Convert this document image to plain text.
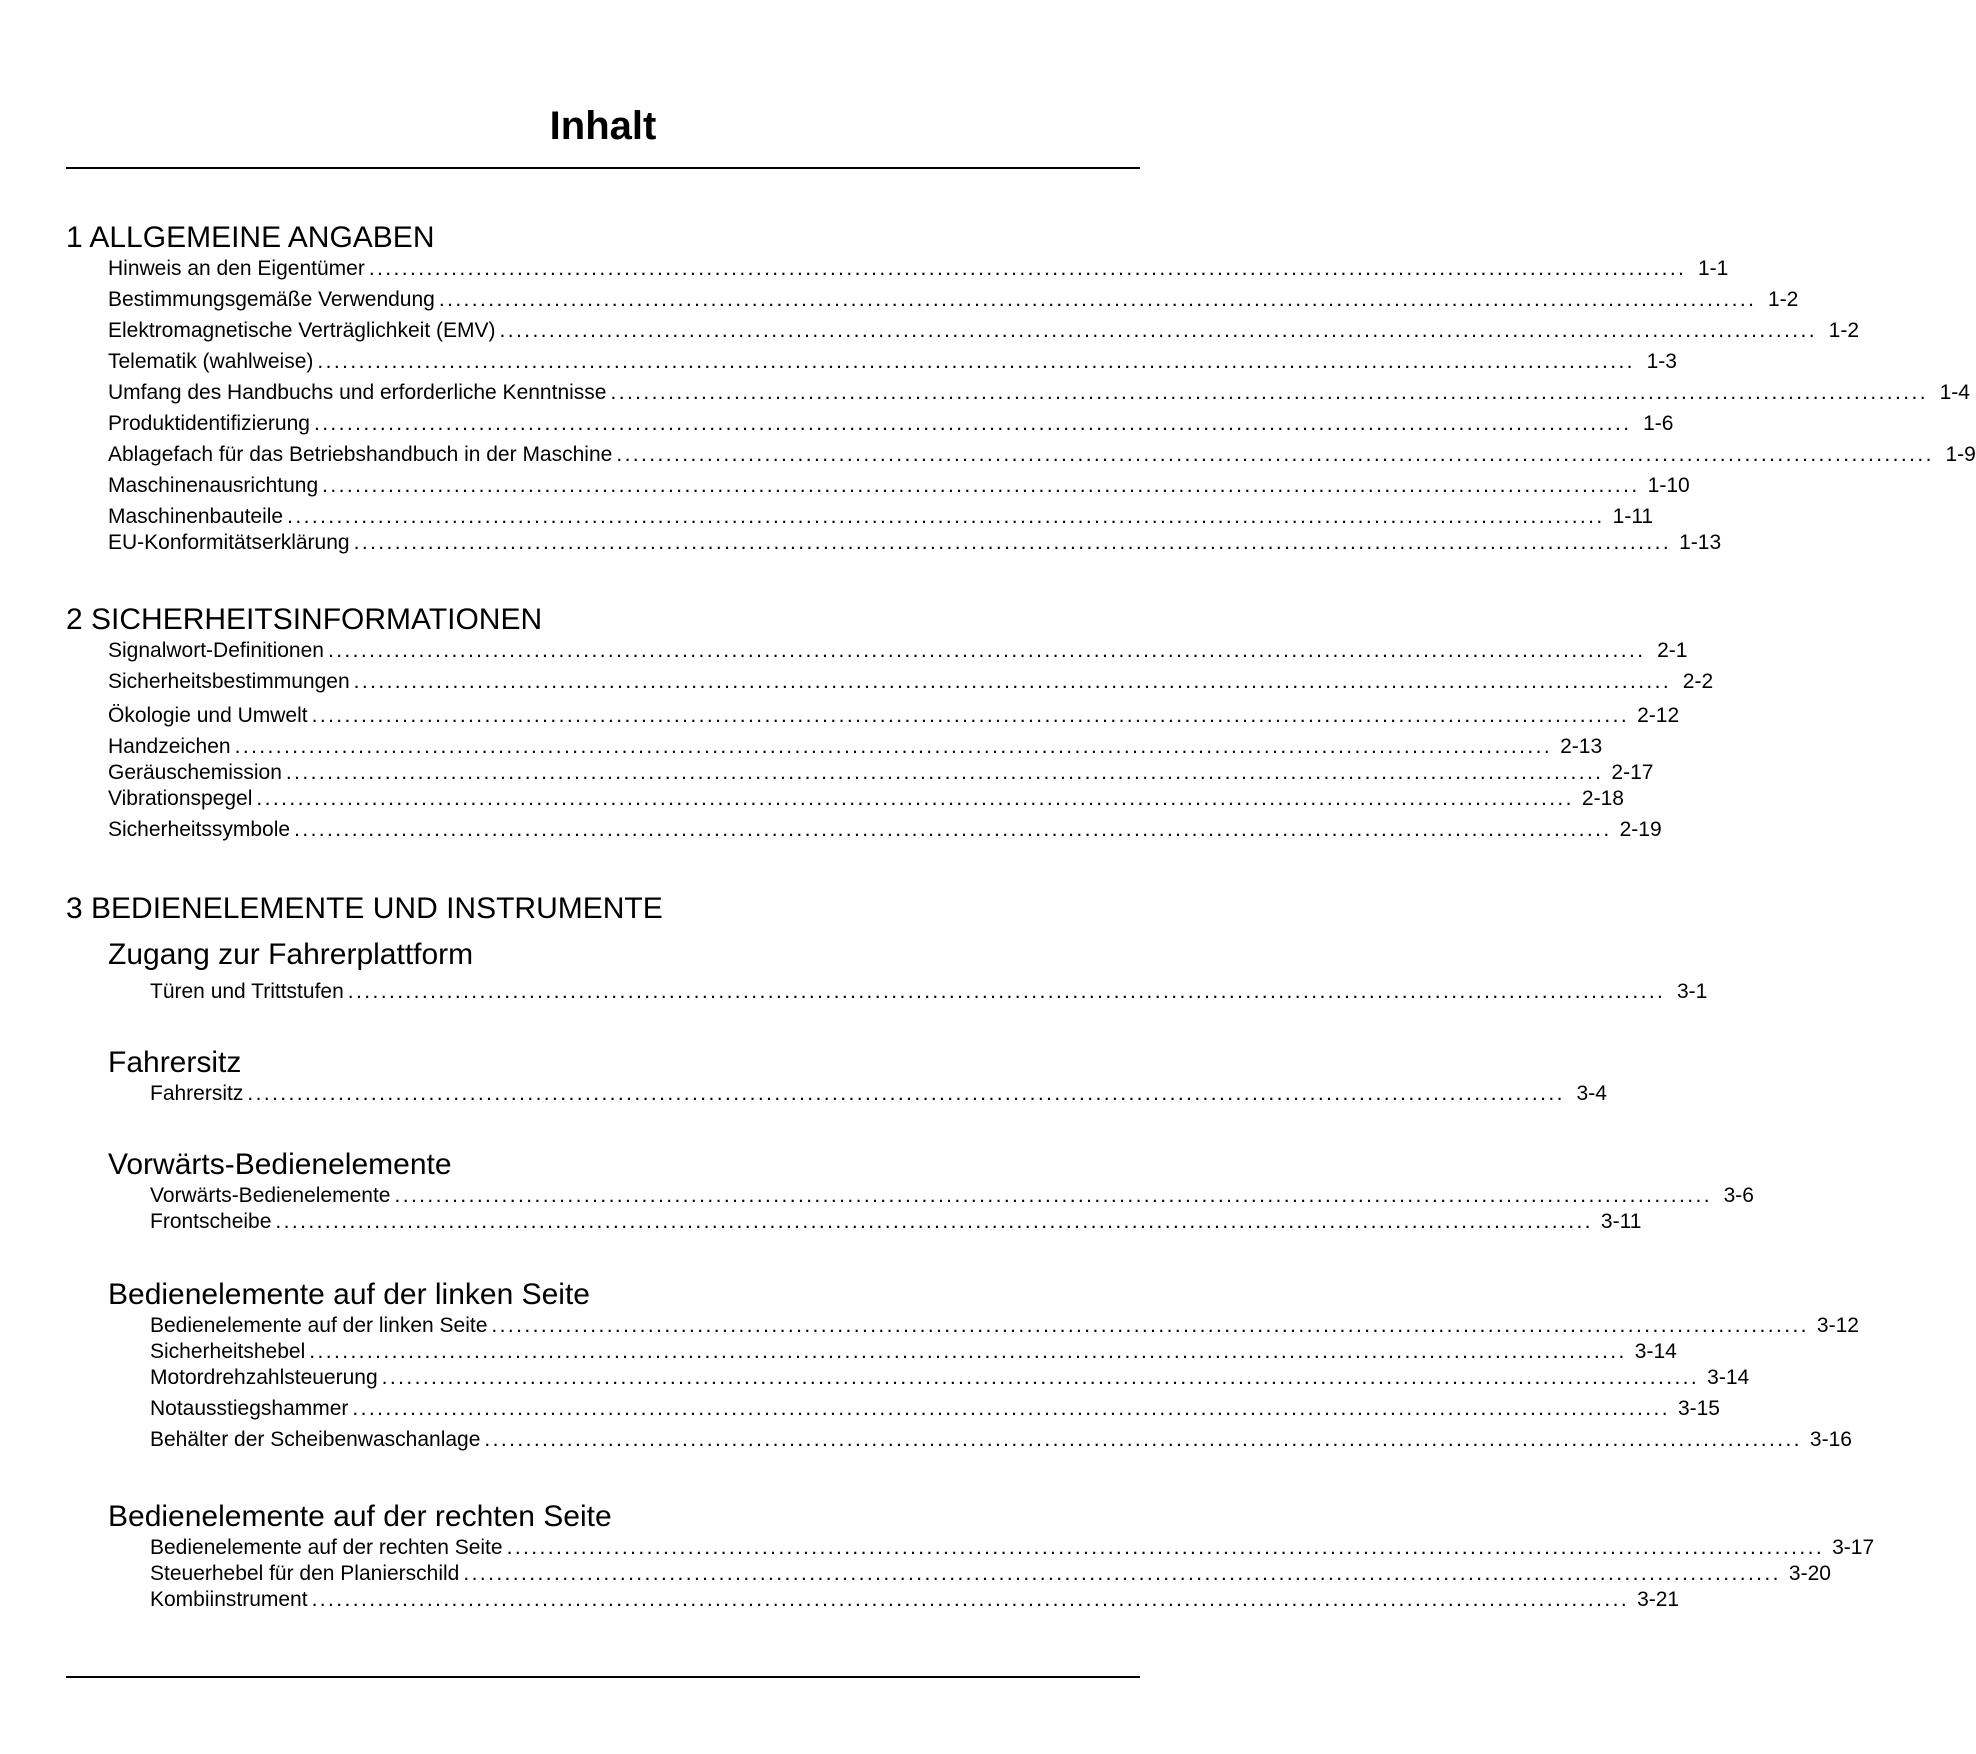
Inhalt
1 ALLGEMEINE ANGABEN
Hinweis an den Eigentümer ................................................................................................................................................................ 1-1
Bestimmungsgemäße Verwendung ................................................................................................................................................................ 1-2
Elektromagnetische Verträglichkeit (EMV) ................................................................................................................................................................ 1-2
Telematik (wahlweise) ................................................................................................................................................................ 1-3
Umfang des Handbuchs und erforderliche Kenntnisse ................................................................................................................................................................ 1-4
Produktidentifizierung ................................................................................................................................................................ 1-6
Ablagefach für das Betriebshandbuch in der Maschine ................................................................................................................................................................ 1-9
Maschinenausrichtung ................................................................................................................................................................ 1-10
Maschinenbauteile ................................................................................................................................................................ 1-11
EU-Konformitätserklärung ................................................................................................................................................................ 1-13
2 SICHERHEITSINFORMATIONEN
Signalwort-Definitionen ................................................................................................................................................................ 2-1
Sicherheitsbestimmungen ................................................................................................................................................................ 2-2
Ökologie und Umwelt ................................................................................................................................................................ 2-12
Handzeichen ................................................................................................................................................................ 2-13
Geräuschemission ................................................................................................................................................................ 2-17
Vibrationspegel ................................................................................................................................................................ 2-18
Sicherheitssymbole ................................................................................................................................................................ 2-19
3 BEDIENELEMENTE UND INSTRUMENTE
Zugang zur Fahrerplattform
Türen und Trittstufen ................................................................................................................................................................ 3-1
Fahrersitz
Fahrersitz ................................................................................................................................................................ 3-4
Vorwärts-Bedienelemente
Vorwärts-Bedienelemente ................................................................................................................................................................ 3-6
Frontscheibe ................................................................................................................................................................ 3-11
Bedienelemente auf der linken Seite
Bedienelemente auf der linken Seite ................................................................................................................................................................ 3-12
Sicherheitshebel ................................................................................................................................................................ 3-14
Motordrehzahlsteuerung ................................................................................................................................................................ 3-14
Notausstiegshammer ................................................................................................................................................................ 3-15
Behälter der Scheibenwaschanlage ................................................................................................................................................................ 3-16
Bedienelemente auf der rechten Seite
Bedienelemente auf der rechten Seite ................................................................................................................................................................ 3-17
Steuerhebel für den Planierschild ................................................................................................................................................................ 3-20
Kombiinstrument ................................................................................................................................................................ 3-21
